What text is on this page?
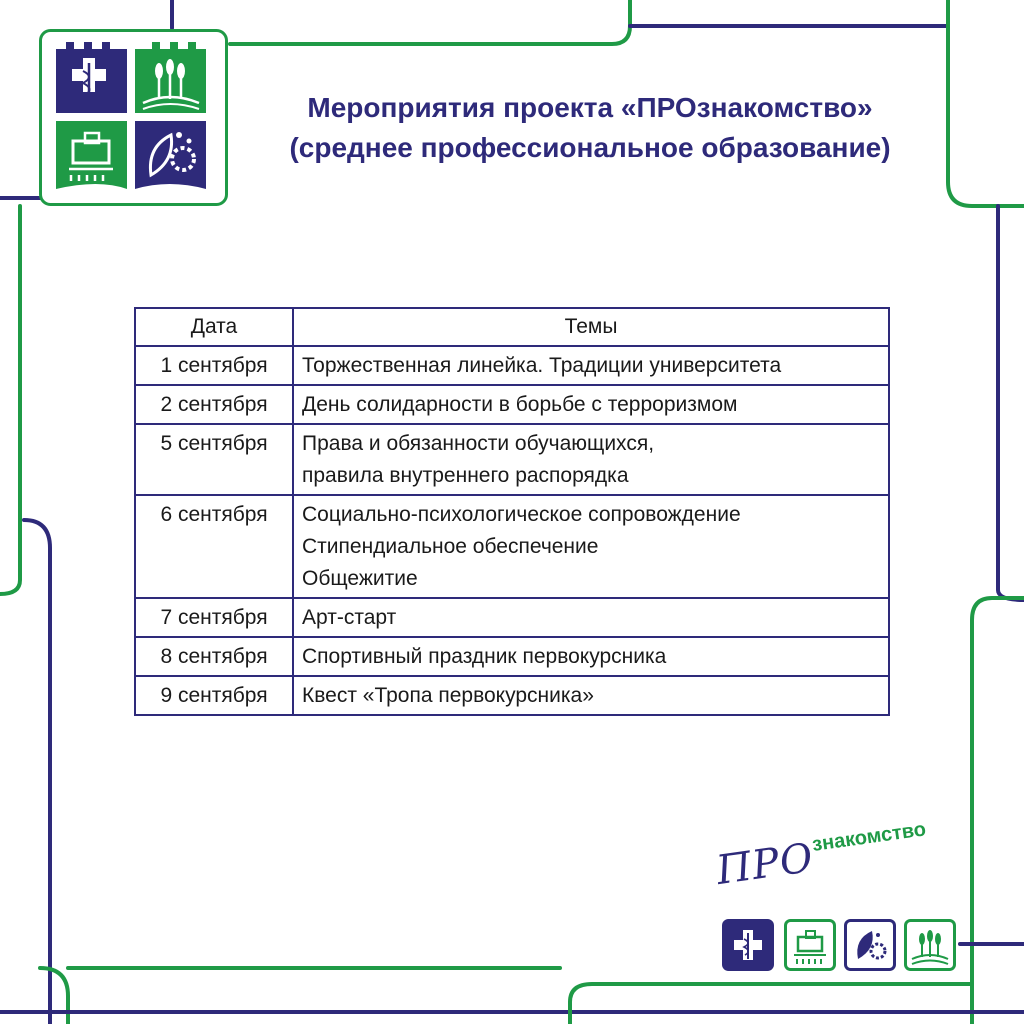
Мероприятия проекта «ПРОзнакомство»
(среднее профессиональное образование)
Дата	Темы
1 сентября	Торжественная линейка. Традиции университета

2 сентября	День солидарности в борьбе с терроризмом

5 сентября	Права и обязанности обучающихся,
правила внутреннего распорядка

6 сентября	Социально-психологическое сопровождение
Стипендиальное обеспечение
Общежитие

7 сентября	Арт-старт

8 сентября	Спортивный праздник первокурсника

9 сентября	Квест «Тропа первокурсника»
ПРО
знакомство
